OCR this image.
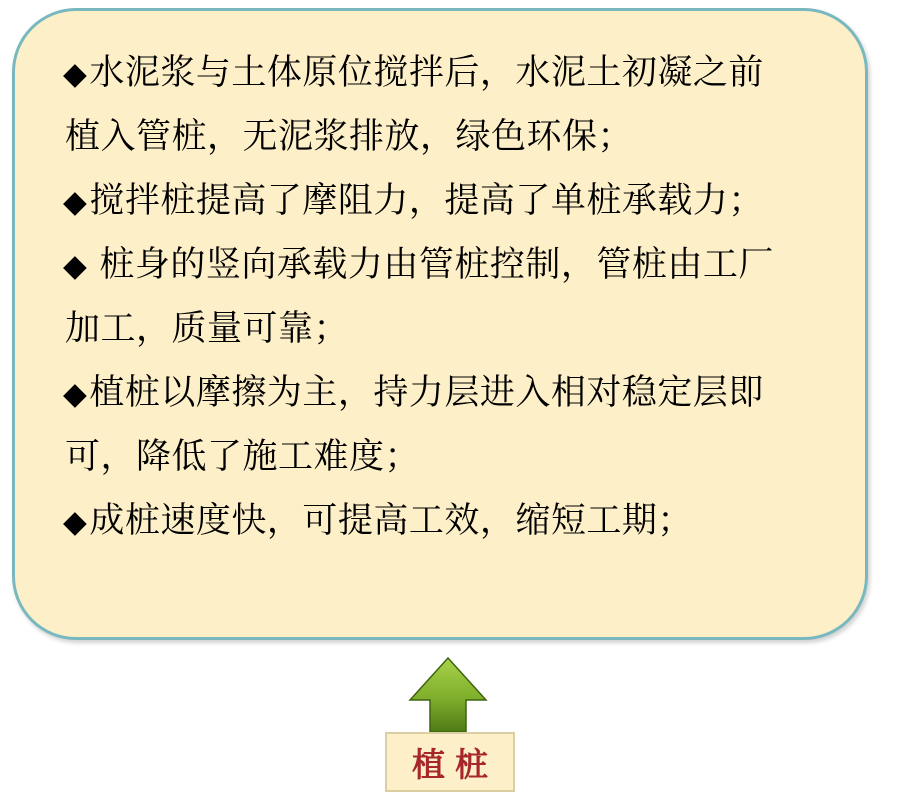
◆水泥浆与土体原位搅拌后，水泥土初凝之前
植入管桩，无泥浆排放，绿色环保；
◆搅拌桩提高了摩阻力，提高了单桩承载力；
◆ 桩身的竖向承载力由管桩控制，管桩由工厂
加工，质量可靠；
◆植桩以摩擦为主，持力层进入相对稳定层即
可，降低了施工难度；
◆成桩速度快，可提高工效，缩短工期；
植桩
